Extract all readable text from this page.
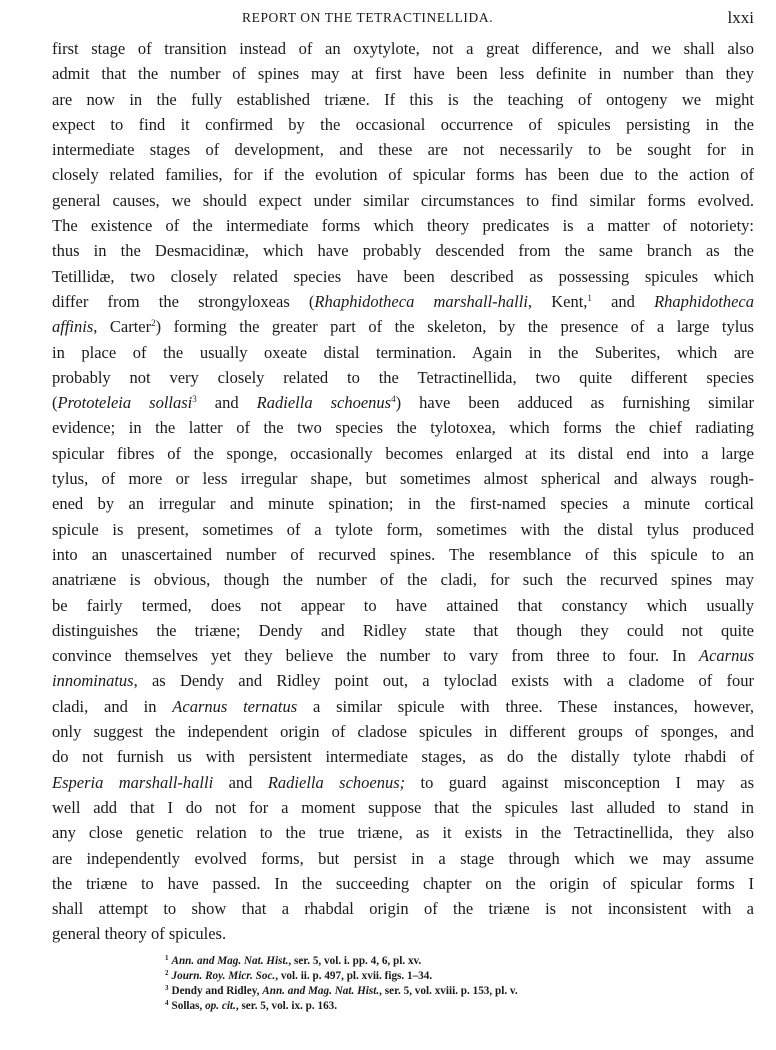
REPORT ON THE TETRACTINELLIDA.	lxxi
first stage of transition instead of an oxytylote, not a great difference, and we shall also
admit that the number of spines may at first have been less definite in number than they
are now in the fully established triæne. If this is the teaching of ontogeny we might
expect to find it confirmed by the occasional occurrence of spicules persisting in the
intermediate stages of development, and these are not necessarily to be sought for in
closely related families, for if the evolution of spicular forms has been due to the action of
general causes, we should expect under similar circumstances to find similar forms evolved.
The existence of the intermediate forms which theory predicates is a matter of notoriety:
thus in the Desmacidinæ, which have probably descended from the same branch as the
Tetillidæ, two closely related species have been described as possessing spicules which
differ from the strongyloxeas (Rhaphidotheca marshall-halli, Kent,$^1$ and Rhaphidotheca
affinis, Carter$^2$) forming the greater part of the skeleton, by the presence of a large tylus
in place of the usually oxeate distal termination. Again in the Suberites, which are
probably not very closely related to the Tetractinellida, two quite different species
(Prototeleia sollasi$^3$ and Radiella schoenus$^4$) have been adduced as furnishing similar
evidence; in the latter of the two species the tylotoxea, which forms the chief radiating
spicular fibres of the sponge, occasionally becomes enlarged at its distal end into a large
tylus, of more or less irregular shape, but sometimes almost spherical and always rough-
ened by an irregular and minute spination; in the first-named species a minute cortical
spicule is present, sometimes of a tylote form, sometimes with the distal tylus produced
into an unascertained number of recurved spines. The resemblance of this spicule to an
anatriæne is obvious, though the number of the cladi, for such the recurved spines may
be fairly termed, does not appear to have attained that constancy which usually
distinguishes the triæne; Dendy and Ridley state that though they could not quite
convince themselves yet they believe the number to vary from three to four. In Acarnus
innominatus, as Dendy and Ridley point out, a tyloclad exists with a cladome of four
cladi, and in Acarnus ternatus a similar spicule with three. These instances, however,
only suggest the independent origin of cladose spicules in different groups of sponges, and
do not furnish us with persistent intermediate stages, as do the distally tylote rhabdi of
Esperia marshall-halli and Radiella schoenus; to guard against misconception I may as
well add that I do not for a moment suppose that the spicules last alluded to stand in
any close genetic relation to the true triæne, as it exists in the Tetractinellida, they also
are independently evolved forms, but persist in a stage through which we may assume
the triæne to have passed. In the succeeding chapter on the origin of spicular forms I
shall attempt to show that a rhabdal origin of the triæne is not inconsistent with a
general theory of spicules.
$^1$ Ann. and Mag. Nat. Hist., ser. 5, vol. i. pp. 4, 6, pl. xv.
$^2$ Journ. Roy. Micr. Soc., vol. ii. p. 497, pl. xvii. figs. 1–34.
$^3$ Dendy and Ridley, Ann. and Mag. Nat. Hist., ser. 5, vol. xviii. p. 153, pl. v.
$^4$ Sollas, op. cit., ser. 5, vol. ix. p. 163.
